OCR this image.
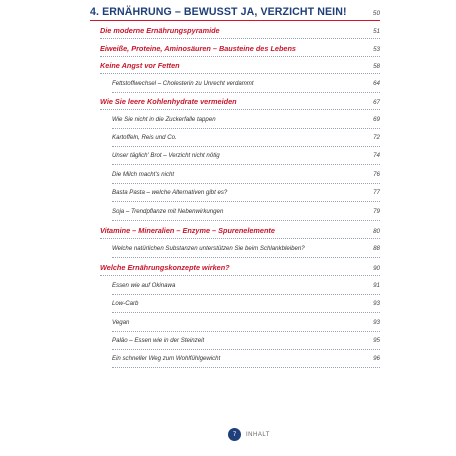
4. ERNÄHRUNG – BEWUSST JA, VERZICHT NEIN!	50
Die moderne Ernährungspyramide	51
Eiweiße, Proteine, Aminosäuren – Bausteine des Lebens	53
Keine Angst vor Fetten	58
Fettstoffwechsel – Cholesterin zu Unrecht verdammt	64
Wie Sie leere Kohlenhydrate vermeiden	67
Wie Sie nicht in die Zuckerfalle tappen	69
Kartoffeln, Reis und Co.	72
Unser täglich' Brot – Verzicht nicht nötig	74
Die Milch macht's nicht	76
Basta Pasta – welche Alternativen gibt es?	77
Soja – Trendpflanze mit Nebenwirkungen	79
Vitamine – Mineralien – Enzyme – Spurenelemente	80
Welche natürlichen Substanzen unterstützen Sie beim Schlankbleiben?	88
Welche Ernährungskonzepte wirken?	90
Essen wie auf Okinawa	91
Low-Carb	93
Vegan	93
Paläo – Essen wie in der Steinzeit	95
Ein schneller Weg zum Wohlfühlgewicht	96
7	INHALT
